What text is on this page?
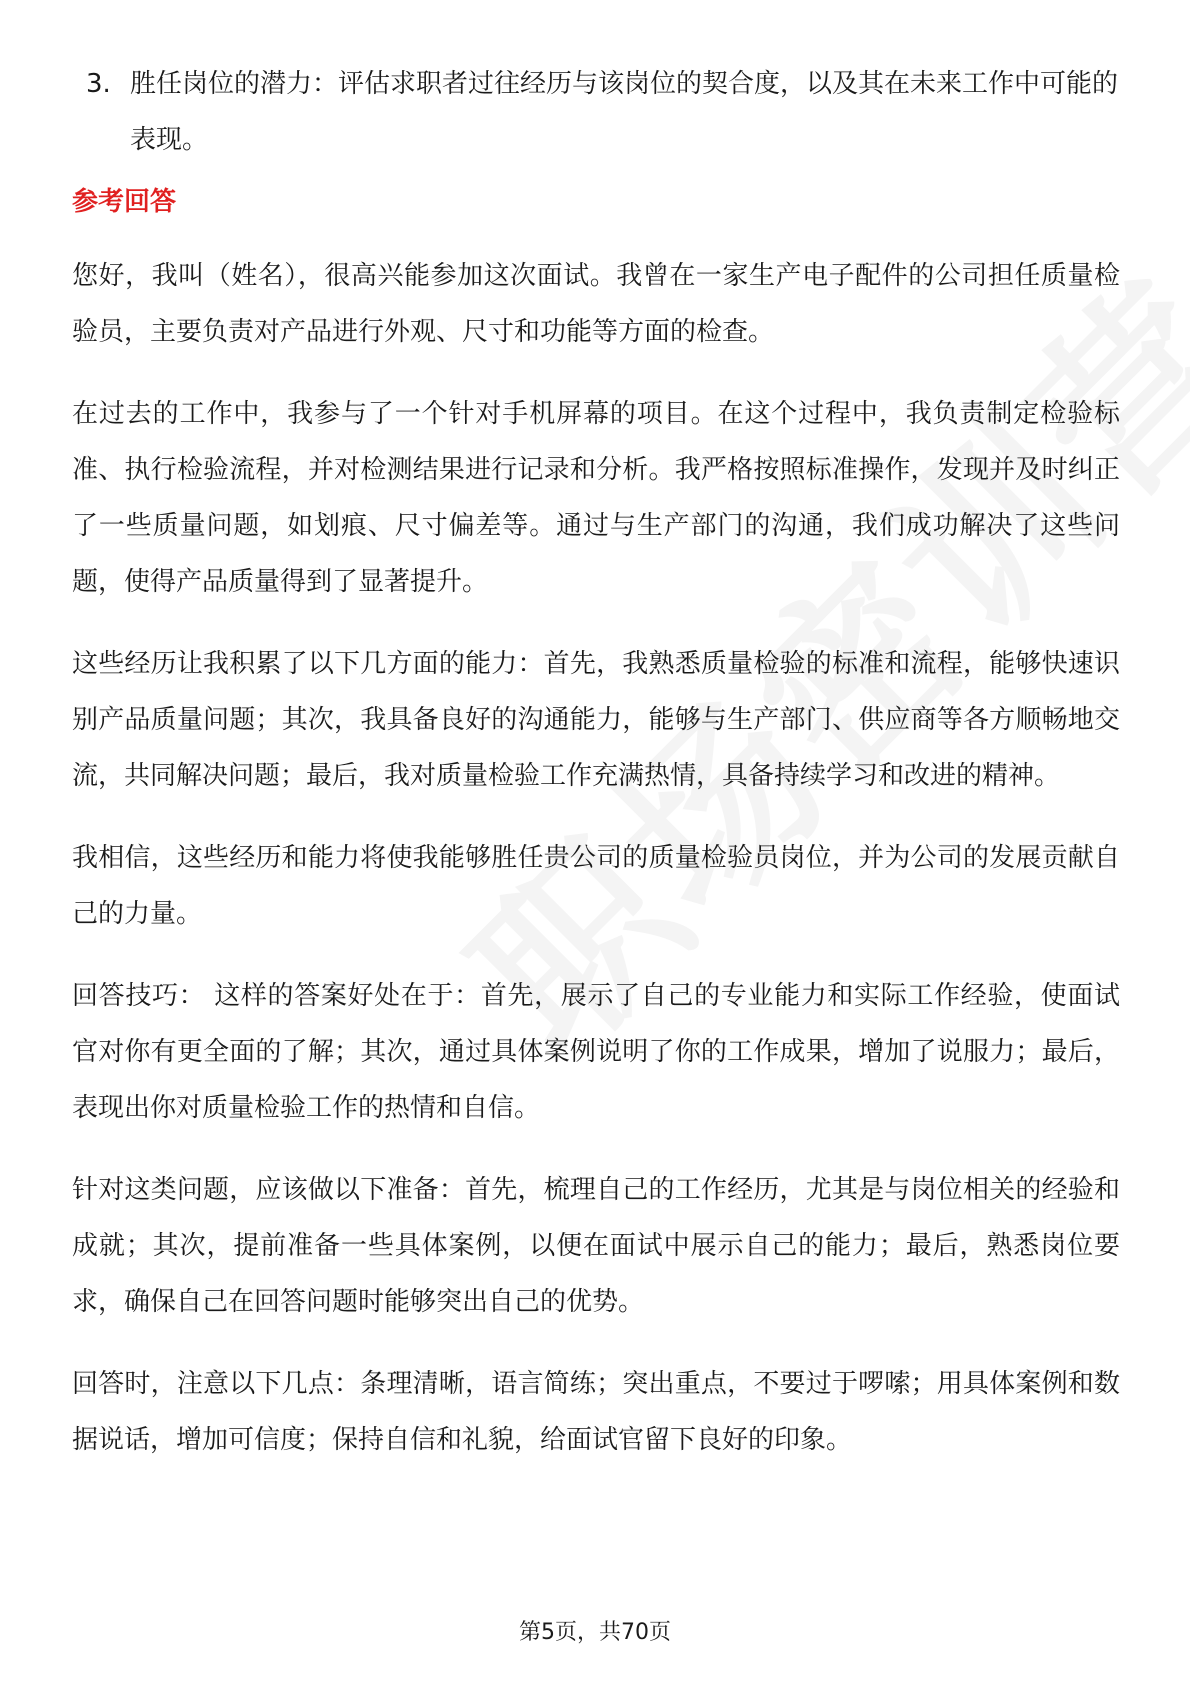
3. 胜任岗位的潜力：评估求职者过往经历与该岗位的契合度，以及其在未来工作中可能的表现。
参考回答

您好，我叫（姓名），很高兴能参加这次面试。我曾在一家生产电子配件的公司担任质量检验员，主要负责对产品进行外观、尺寸和功能等方面的检查。

在过去的工作中，我参与了一个针对手机屏幕的项目。在这个过程中，我负责制定检验标准、执行检验流程，并对检测结果进行记录和分析。我严格按照标准操作，发现并及时纠正了一些质量问题，如划痕、尺寸偏差等。通过与生产部门的沟通，我们成功解决了这些问题，使得产品质量得到了显著提升。

这些经历让我积累了以下几方面的能力：首先，我熟悉质量检验的标准和流程，能够快速识别产品质量问题；其次，我具备良好的沟通能力，能够与生产部门、供应商等各方顺畅地交流，共同解决问题；最后，我对质量检验工作充满热情，具备持续学习和改进的精神。

我相信，这些经历和能力将使我能够胜任贵公司的质量检验员岗位，并为公司的发展贡献自己的力量。

回答技巧： 这样的答案好处在于：首先，展示了自己的专业能力和实际工作经验，使面试官对你有更全面的了解；其次，通过具体案例说明了你的工作成果，增加了说服力；最后，表现出你对质量检验工作的热情和自信。

针对这类问题，应该做以下准备：首先，梳理自己的工作经历，尤其是与岗位相关的经验和成就；其次，提前准备一些具体案例，以便在面试中展示自己的能力；最后，熟悉岗位要求，确保自己在回答问题时能够突出自己的优势。

回答时，注意以下几点：条理清晰，语言简练；突出重点，不要过于啰嗦；用具体案例和数据说话，增加可信度；保持自信和礼貌，给面试官留下良好的印象。

第5页，共70页
